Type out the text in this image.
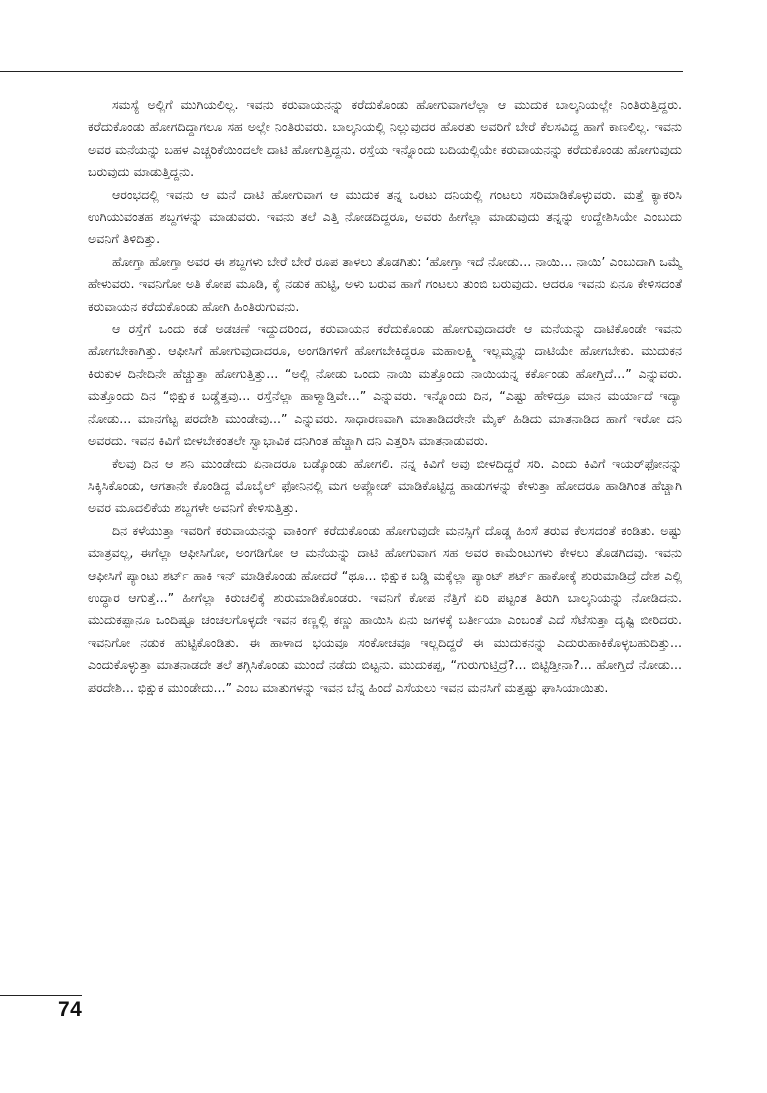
ಸಮಸ್ಯೆ ಅಲ್ಲಿಗೆ ಮುಗಿಯಲಿಲ್ಲ. ಇವನು ಕರುವಾಯನನ್ನು ಕರೆದುಕೊಂಡು ಹೋಗುವಾಗಲೆಲ್ಲಾ ಆ ಮುದುಕ ಬಾಲ್ಕನಿಯಲ್ಲೇ ನಿಂತಿರುತ್ತಿದ್ದರು. ಕರೆದುಕೊಂಡು ಹೋಗದಿದ್ದಾಗಲೂ ಸಹ ಅಲ್ಲೇ ನಿಂತಿರುವರು. ಬಾಲ್ಕನಿಯಲ್ಲಿ ನಿಲ್ಲುವುದರ ಹೊರತು ಅವರಿಗೆ ಬೇರೆ ಕೆಲಸವಿದ್ದ ಹಾಗೆ ಕಾಣಲಿಲ್ಲ. ಇವನು ಅವರ ಮನೆಯನ್ನು ಬಹಳ ಎಚ್ಚರಿಕೆಯಿಂದಲೇ ದಾಟಿ ಹೋಗುತ್ತಿದ್ದನು. ರಸ್ತೆಯ ಇನ್ನೊಂದು ಬದಿಯಲ್ಲಿಯೇ ಕರುವಾಯನನ್ನು ಕರೆದುಕೊಂಡು ಹೋಗುವುದು ಬರುವುದು ಮಾಡುತ್ತಿದ್ದನು.

ಆರಂಭದಲ್ಲಿ ಇವನು ಆ ಮನೆ ದಾಟಿ ಹೋಗುವಾಗ ಆ ಮುದುಕ ತನ್ನ ಒರಟು ದನಿಯಲ್ಲಿ ಗಂಟಲು ಸರಿಮಾಡಿಕೊಳ್ಳುವರು. ಮತ್ತೆ ಕ್ಯಾಕರಿಸಿ ಉಗಿಯುವಂತಹ ಶಬ್ದಗಳನ್ನು ಮಾಡುವರು. ಇವನು ತಲೆ ಎತ್ತಿ ನೋಡದಿದ್ದರೂ, ಅವರು ಹೀಗೆಲ್ಲಾ ಮಾಡುವುದು ತನ್ನನ್ನು ಉದ್ದೇಶಿಸಿಯೇ ಎಂಬುದು ಅವನಿಗೆ ತಿಳಿದಿತ್ತು.

ಹೋಗ್ತಾ ಹೋಗ್ತಾ ಅವರ ಈ ಶಬ್ದಗಳು ಬೇರೆ ಬೇರೆ ರೂಪ ತಾಳಲು ತೊಡಗಿತು: ‘ಹೋಗ್ತಾ ಇದೆ ನೋಡು... ನಾಯಿ... ನಾಯಿ’ ಎಂಬುದಾಗಿ ಒಮ್ಮೆ ಹೇಳುವರು. ಇವನಿಗೋ ಅತಿ ಕೋಪ ಮೂಡಿ, ಕೈ ನಡುಕ ಹುಟ್ಟಿ, ಅಳು ಬರುವ ಹಾಗೆ ಗಂಟಲು ತುಂಬಿ ಬರುವುದು. ಆದರೂ ಇವನು ಏನೂ ಕೇಳಿಸದಂತೆ ಕರುವಾಯನ ಕರೆದುಕೊಂಡು ಹೋಗಿ ಹಿಂತಿರುಗುವನು.

ಆ ರಸ್ತೆಗೆ ಒಂದು ಕಡೆ ಅಡಚಣೆ ಇದ್ದುದರಿಂದ, ಕರುವಾಯನ ಕರೆದುಕೊಂಡು ಹೋಗುವುದಾದರೇ ಆ ಮನೆಯನ್ನು ದಾಟಿಕೊಂಡೇ ಇವನು ಹೋಗಬೇಕಾಗಿತ್ತು. ಆಫೀಸಿಗೆ ಹೋಗುವುದಾದರೂ, ಅಂಗಡಿಗಳಿಗೆ ಹೋಗಬೇಕಿದ್ದರೂ ಮಹಾಲಕ್ಷ್ಮಿ ಇಲ್ಲಮ್ಮನ್ನು ದಾಟಿಯೇ ಹೋಗಬೇಕು. ಮುದುಕನ ಕಿರುಕುಳ ದಿನೇದಿನೇ ಹೆಚ್ಚುತ್ತಾ ಹೋಗುತ್ತಿತ್ತು... “ಅಲ್ಲಿ ನೋಡು ಒಂದು ನಾಯಿ ಮತ್ತೊಂದು ನಾಯಿಯನ್ನ ಕರ್ಕೊಂಡು ಹೋಗ್ತಿದೆ...” ಎನ್ನುವರು. ಮತ್ತೊಂದು ದಿನ “ಭಿಕ್ಷುಕ ಬಡ್ಡೆತ್ತವು... ರಸ್ತೆನೆಲ್ಲಾ ಹಾಳ್ಮಾಡ್ತಿವೇ...” ಎನ್ನುವರು. ಇನ್ನೊಂದು ದಿನ, “ಎಷ್ಟು ಹೇಳಿದ್ರೂ ಮಾನ ಮರ್ಯಾದೆ ಇದ್ಯಾ ನೋಡು... ಮಾನಗೆಟ್ಟ ಪರದೇಶಿ ಮುಂಡೇವು...” ಎನ್ನುವರು. ಸಾಧಾರಣವಾಗಿ ಮಾತಾಡಿದರೇನೇ ಮೈಕ್ ಹಿಡಿದು ಮಾತನಾಡಿದ ಹಾಗೆ ಇರೋ ದನಿ ಅವರದು. ಇವನ ಕಿವಿಗೆ ಬೀಳಬೇಕಂತಲೇ ಸ್ವಾಭಾವಿಕ ದನಿಗಿಂತ ಹೆಚ್ಚಾಗಿ ದನಿ ಎತ್ತರಿಸಿ ಮಾತನಾಡುವರು.

ಕೆಲವು ದಿನ ಆ ಶನಿ ಮುಂಡೇದು ಏನಾದರೂ ಬಡ್ಕೊಂಡು ಹೋಗಲಿ. ನನ್ನ ಕಿವಿಗೆ ಅವು ಬೀಳದಿದ್ದರೆ ಸರಿ. ಎಂದು ಕಿವಿಗೆ ಇಯರ್‌ಫೋನನ್ನು ಸಿಕ್ಕಿಸಿಕೊಂಡು, ಆಗತಾನೇ ಕೊಂಡಿದ್ದ ಮೊಬೈಲ್ ಫೋನಿನಲ್ಲಿ ಮಗ ಅಪ್ಲೋಡ್ ಮಾಡಿಕೊಟ್ಟಿದ್ದ ಹಾಡುಗಳನ್ನು ಕೇಳುತ್ತಾ ಹೋದರೂ ಹಾಡಿಗಿಂತ ಹೆಚ್ಚಾಗಿ ಅವರ ಮೂದಲಿಕೆಯ ಶಬ್ದಗಳೇ ಅವನಿಗೆ ಕೇಳಿಸುತ್ತಿತ್ತು.

ದಿನ ಕಳೆಯುತ್ತಾ ಇವರಿಗೆ ಕರುವಾಯನನ್ನು ವಾಕಿಂಗ್ ಕರೆದುಕೊಂಡು ಹೋಗುವುದೇ ಮನಸ್ಸಿಗೆ ದೊಡ್ಡ ಹಿಂಸೆ ತರುವ ಕೆಲಸದಂತೆ ಕಂಡಿತು. ಅಷ್ಟು ಮಾತ್ರವಲ್ಲ, ಈಗೆಲ್ಲಾ ಆಫೀಸಿಗೋ, ಅಂಗಡಿಗೋ ಆ ಮನೆಯನ್ನು ದಾಟಿ ಹೋಗುವಾಗ ಸಹ ಅವರ ಕಾಮೆಂಟುಗಳು ಕೇಳಲು ತೊಡಗಿದವು. ಇವನು ಆಫೀಸಿಗೆ ಪ್ಯಾಂಟು ಶರ್ಟ್ ಹಾಕಿ ಇನ್ ಮಾಡಿಕೊಂಡು ಹೋದರೆ “ಥೂ... ಭಿಕ್ಷುಕ ಬಡ್ಡಿ ಮಕ್ಕೆಲ್ಲಾ ಪ್ಯಾಂಟ್ ಶರ್ಟ್ ಹಾಕೋಕ್ಕೆ ಶುರುಮಾಡಿದ್ರೆ ದೇಶ ಎಲ್ಲಿ ಉದ್ಧಾರ ಆಗುತ್ತೆ...” ಹೀಗೆಲ್ಲಾ ಕಿರುಚಲಿಕ್ಕೆ ಶುರುಮಾಡಿಕೊಂಡರು. ಇವನಿಗೆ ಕೋಪ ನೆತ್ತಿಗೆ ಏರಿ ಪಟ್ಟಂತ ತಿರುಗಿ ಬಾಲ್ಕನಿಯನ್ನು ನೋಡಿದನು. ಮುದುಕಪ್ಪಾನೂ ಒಂದಿಷ್ಟೂ ಚಂಚಲಗೊಳ್ಳದೇ ಇವನ ಕಣ್ಣಲ್ಲಿ ಕಣ್ಣು ಹಾಯಿಸಿ ಏನು ಜಗಳಕ್ಕೆ ಬರ್ತೀಯಾ ಎಂಬಂತೆ ಎದೆ ಸೆಟೆಸುತ್ತಾ ದೃಷ್ಟಿ ಬೀರಿದರು. ಇವನಿಗೋ ನಡುಕ ಹುಟ್ಟಿಕೊಂಡಿತು. ಈ ಹಾಳಾದ ಭಯವೂ ಸಂಕೋಚವೂ ಇಲ್ಲದಿದ್ದರೆ ಈ ಮುದುಕನನ್ನು ಎದುರುಹಾಕಿಕೊಳ್ಳಬಹುದಿತ್ತು... ಎಂದುಕೊಳ್ಳುತ್ತಾ ಮಾತನಾಡದೇ ತಲೆ ತಗ್ಗಿಸಿಕೊಂಡು ಮುಂದೆ ನಡೆದು ಬಿಟ್ಟನು. ಮುದುಕಪ್ಪ, “ಗುರುಗುಟ್ತಿದ್ರೆ?... ಬಿಟ್ಟಿಡ್ತೀನಾ?... ಹೋಗ್ತಿದೆ ನೋಡು... ಪರದೇಶಿ... ಭಿಕ್ಷುಕ ಮುಂಡೇದು...” ಎಂಬ ಮಾತುಗಳನ್ನು ಇವನ ಬೆನ್ನ ಹಿಂದೆ ಎಸೆಯಲು ಇವನ ಮನಸಿಗೆ ಮತ್ತಷ್ಟು ಘಾಸಿಯಾಯಿತು.

74
